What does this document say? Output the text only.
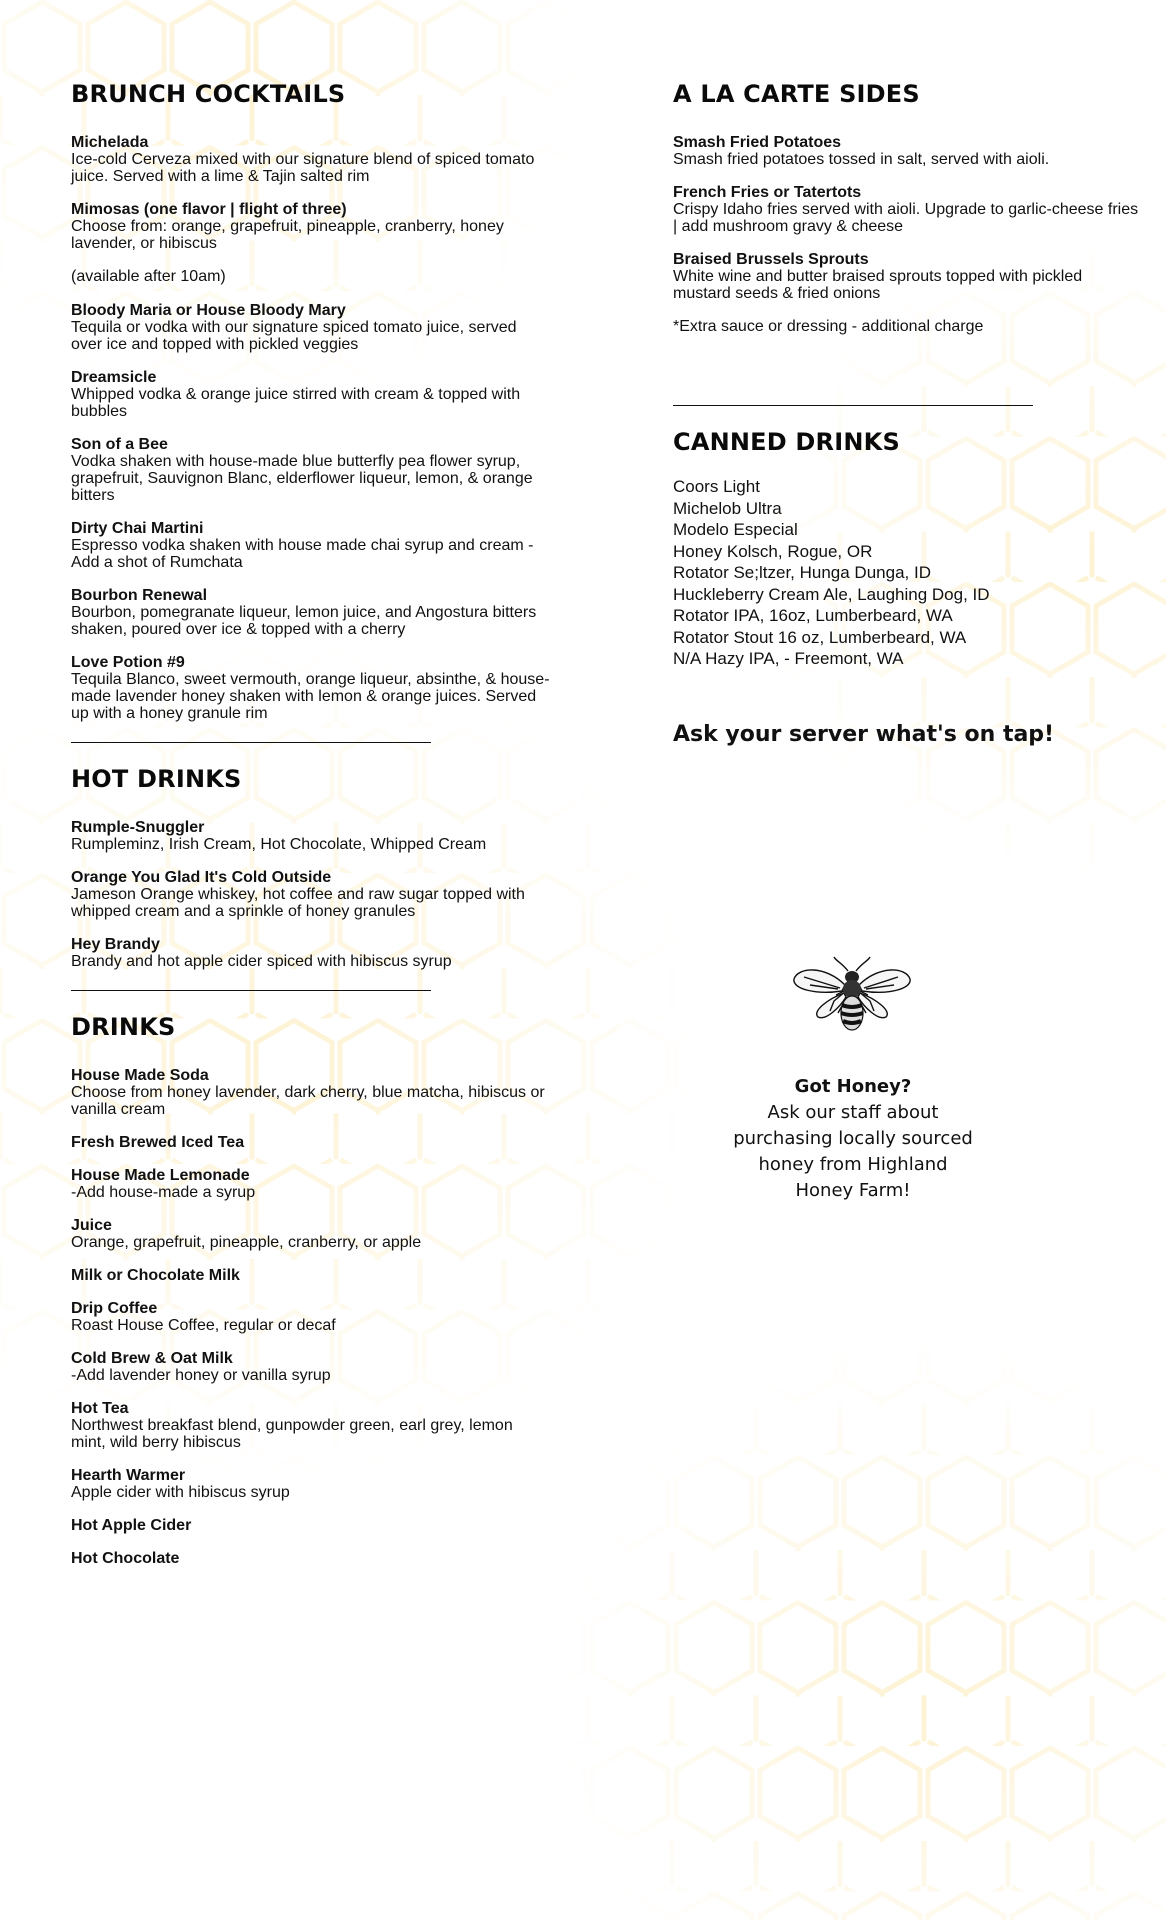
BRUNCH COCKTAILS
Michelada
Ice-cold Cerveza mixed with our signature blend of spiced tomato juice. Served with a lime & Tajin salted rim
Mimosas (one flavor | flight of three)
Choose from: orange, grapefruit, pineapple, cranberry, honey lavender, or hibiscus
(available after 10am)
Bloody Maria or House Bloody Mary
Tequila or vodka with our signature spiced tomato juice, served over ice and topped with pickled veggies
Dreamsicle
Whipped vodka & orange juice stirred with cream & topped with bubbles
Son of a Bee
Vodka shaken with house-made blue butterfly pea flower syrup, grapefruit, Sauvignon Blanc, elderflower liqueur, lemon, & orange bitters
Dirty Chai Martini
Espresso vodka shaken with house made chai syrup and cream -Add a shot of Rumchata
Bourbon Renewal
Bourbon, pomegranate liqueur, lemon juice, and Angostura bitters shaken, poured over ice & topped with a cherry
Love Potion #9
Tequila Blanco, sweet vermouth, orange liqueur, absinthe, & house-made lavender honey shaken with lemon & orange juices. Served up with a honey granule rim
HOT DRINKS
Rumple-Snuggler
Rumpleminz, Irish Cream, Hot Chocolate, Whipped Cream
Orange You Glad It's Cold Outside
Jameson Orange whiskey, hot coffee and raw sugar topped with whipped cream and a sprinkle of honey granules
Hey Brandy
Brandy and hot apple cider spiced with hibiscus syrup
DRINKS
House Made Soda
Choose from honey lavender, dark cherry, blue matcha, hibiscus or vanilla cream
Fresh Brewed Iced Tea
House Made Lemonade
-Add house-made a syrup
Juice
Orange, grapefruit, pineapple, cranberry, or apple
Milk or Chocolate Milk
Drip Coffee
Roast House Coffee, regular or decaf
Cold Brew & Oat Milk
-Add lavender honey or vanilla syrup
Hot Tea
Northwest breakfast blend, gunpowder green, earl grey, lemon mint, wild berry hibiscus
Hearth Warmer
Apple cider with hibiscus syrup
Hot Apple Cider
Hot Chocolate
A LA CARTE SIDES
Smash Fried Potatoes
Smash fried potatoes tossed in salt, served with aioli.
French Fries or Tatertots
Crispy Idaho fries served with aioli. Upgrade to garlic-cheese fries | add mushroom gravy & cheese
Braised Brussels Sprouts
White wine and butter braised sprouts topped with pickled mustard seeds & fried onions
*Extra sauce or dressing - additional charge
CANNED DRINKS
Coors Light
Michelob Ultra
Modelo Especial
Honey Kolsch, Rogue, OR
Rotator Se;ltzer, Hunga Dunga, ID
Huckleberry Cream Ale, Laughing Dog, ID
Rotator IPA, 16oz, Lumberbeard, WA
Rotator Stout 16 oz, Lumberbeard, WA
N/A Hazy IPA, - Freemont, WA
Ask your server what's on tap!
Got Honey?
Ask our staff about
purchasing locally sourced
honey from Highland
Honey Farm!
